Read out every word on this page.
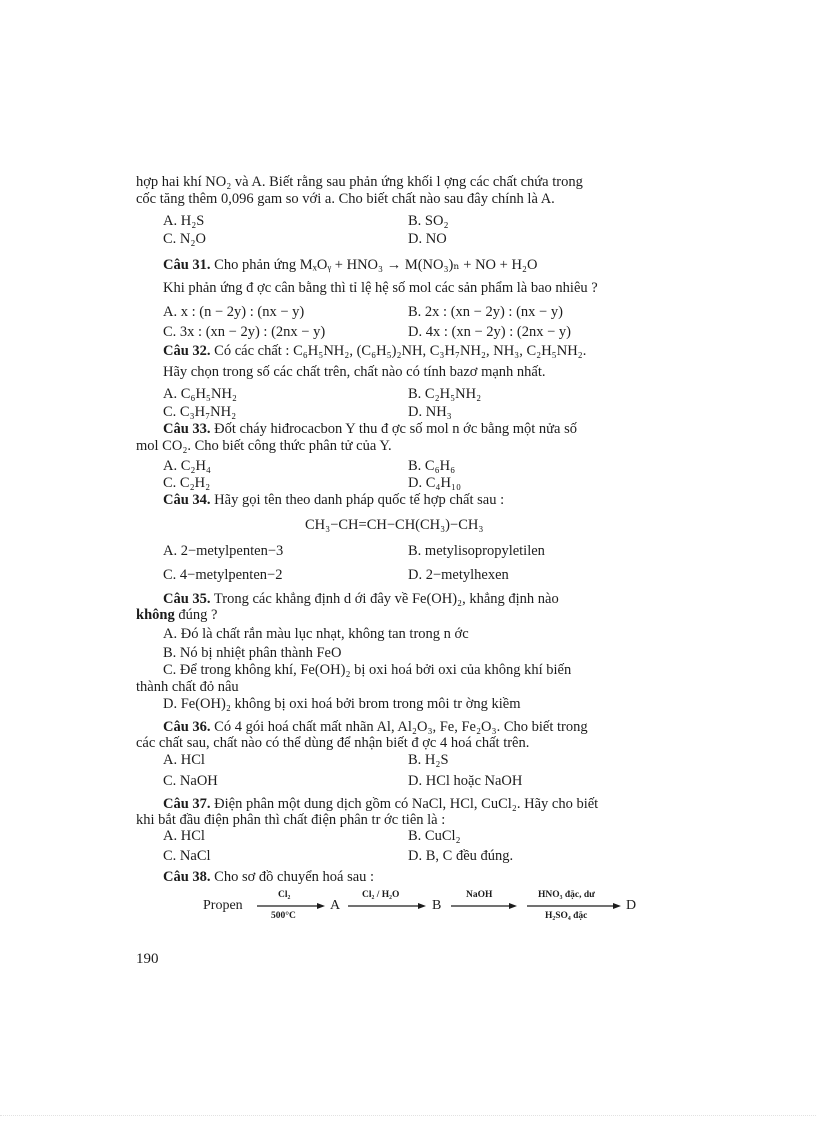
hợp hai khí NO₂ và A. Biết rằng sau phản ứng khối l ợng các chất chứa trong
cốc tăng thêm 0,096 gam so với a. Cho biết chất nào sau đây chính là A.
A. H₂S	B. SO₂
C. N₂O	D. NO
Câu 31. Cho phản ứng MₓOᵧ + HNO₃ → M(NO₃)ₙ + NO + H₂O
Khi phản ứng đ ợc cân bằng thì tỉ lệ hệ số mol các sản phẩm là bao nhiêu ?
A. x : (n − 2y) : (nx − y)	B. 2x : (xn − 2y) : (nx − y)
C. 3x : (xn − 2y) : (2nx − y)	D. 4x : (xn − 2y) : (2nx − y)
Câu 32. Có các chất : C₆H₅NH₂, (C₆H₅)₂NH, C₃H₇NH₂, NH₃, C₂H₅NH₂.
Hãy chọn trong số các chất trên, chất nào có tính bazơ mạnh nhất.
A. C₆H₅NH₂	B. C₂H₅NH₂
C. C₃H₇NH₂	D. NH₃
Câu 33. Đốt cháy hiđrocacbon Y thu đ ợc số mol n ớc bằng một nửa số
mol CO₂. Cho biết công thức phân tử của Y.
A. C₂H₄	B. C₆H₆
C. C₂H₂	D. C₄H₁₀
Câu 34. Hãy gọi tên theo danh pháp quốc tế hợp chất sau :
CH₃−CH=CH−CH(CH₃)−CH₃
A. 2−metylpenten−3	B. metylisopropyletilen
C. 4−metylpenten−2	D. 2−metylhexen
Câu 35. Trong các khẳng định d ới đây về Fe(OH)₂, khẳng định nào
không đúng ?
A. Đó là chất rắn màu lục nhạt, không tan trong n ớc
B. Nó bị nhiệt phân thành FeO
C. Để trong không khí, Fe(OH)₂ bị oxi hoá bởi oxi của không khí biến
thành chất đỏ nâu
D. Fe(OH)₂ không bị oxi hoá bởi brom trong môi tr ờng kiềm
Câu 36. Có 4 gói hoá chất mất nhãn Al, Al₂O₃, Fe, Fe₂O₃. Cho biết trong
các chất sau, chất nào có thể dùng để nhận biết đ ợc 4 hoá chất trên.
A. HCl	B. H₂S
C. NaOH	D. HCl hoặc NaOH
Câu 37. Điện phân một dung dịch gồm có NaCl, HCl, CuCl₂. Hãy cho biết
khi bắt đầu điện phân thì chất điện phân tr ớc tiên là :
A. HCl	B. CuCl₂
C. NaCl	D. B, C đều đúng.
Câu 38. Cho sơ đồ chuyển hoá sau :
Propen
Cl₂
500°C
A
Cl₂ / H₂O
B
NaOH	HNO₃ đặc, dư
H₂SO₄ đặc
D
190
